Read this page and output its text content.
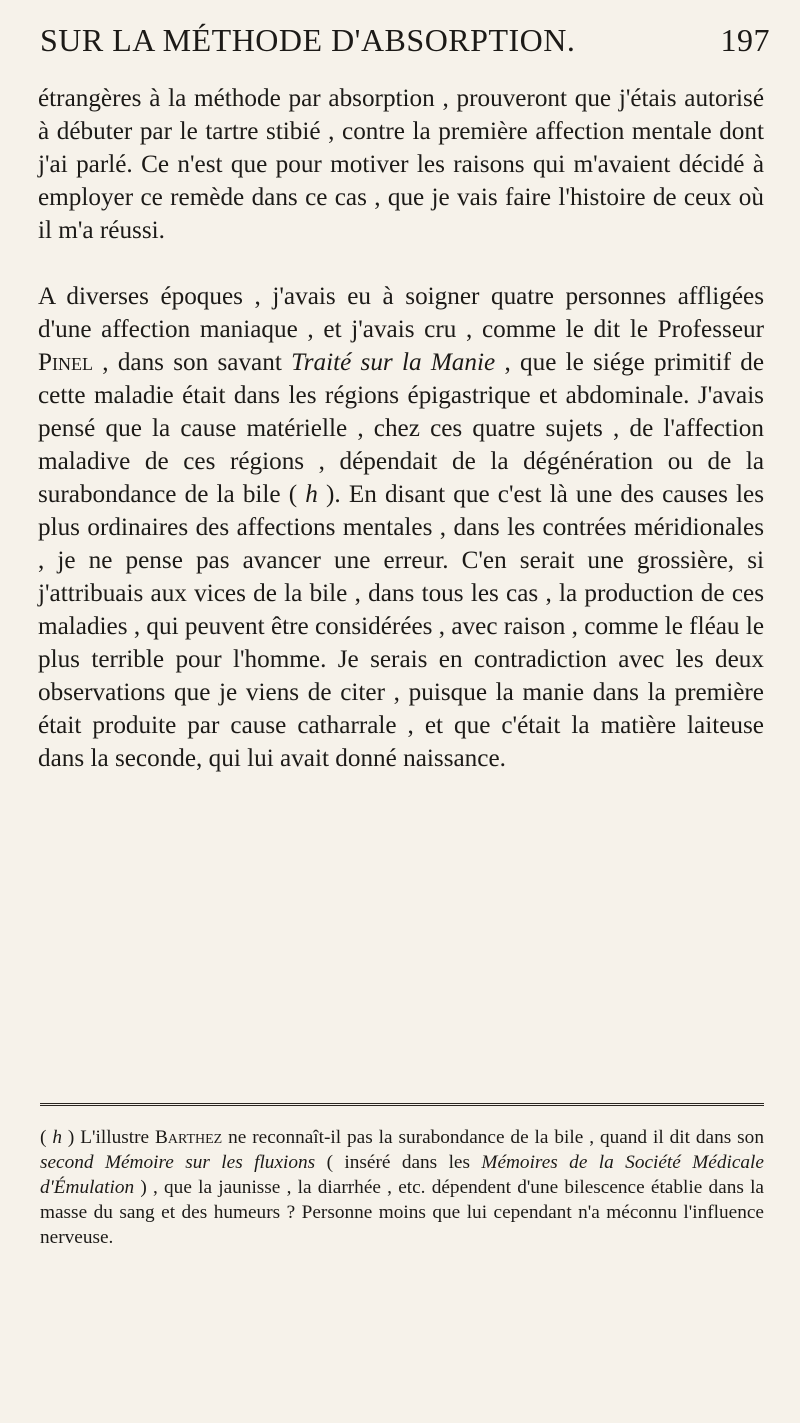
SUR LA MÉTHODE D'ABSORPTION.	197

étrangères à la méthode par absorption , prouveront que j'étais autorisé à débuter par le tartre stibié , contre la première affection mentale dont j'ai parlé. Ce n'est que pour motiver les raisons qui m'avaient décidé à employer ce remède dans ce cas , que je vais faire l'histoire de ceux où il m'a réussi.

A diverses époques , j'avais eu à soigner quatre personnes affligées d'une affection maniaque , et j'avais cru , comme le dit le Professeur Pinel , dans son savant Traité sur la Manie , que le siége primitif de cette maladie était dans les régions épigastrique et abdominale. J'avais pensé que la cause matérielle , chez ces quatre sujets , de l'affection maladive de ces régions , dépendait de la dégénération ou de la surabondance de la bile ( h ). En disant que c'est là une des causes les plus ordinaires des affections mentales , dans les contrées méridionales , je ne pense pas avancer une erreur. C'en serait une grossière, si j'attribuais aux vices de la bile , dans tous les cas , la production de ces maladies , qui peuvent être considérées , avec raison , comme le fléau le plus terrible pour l'homme. Je serais en contradiction avec les deux observations que je viens de citer , puisque la manie dans la première était produite par cause catharrale , et que c'était la matière laiteuse dans la seconde, qui lui avait donné naissance.

( h ) L'illustre Barthez ne reconnaît-il pas la surabondance de la bile , quand il dit dans son second Mémoire sur les fluxions ( inséré dans les Mémoires de la Société Médicale d'Émulation ) , que la jaunisse , la diarrhée , etc. dépendent d'une bilescence établie dans la masse du sang et des humeurs ? Personne moins que lui cependant n'a méconnu l'influence nerveuse.
